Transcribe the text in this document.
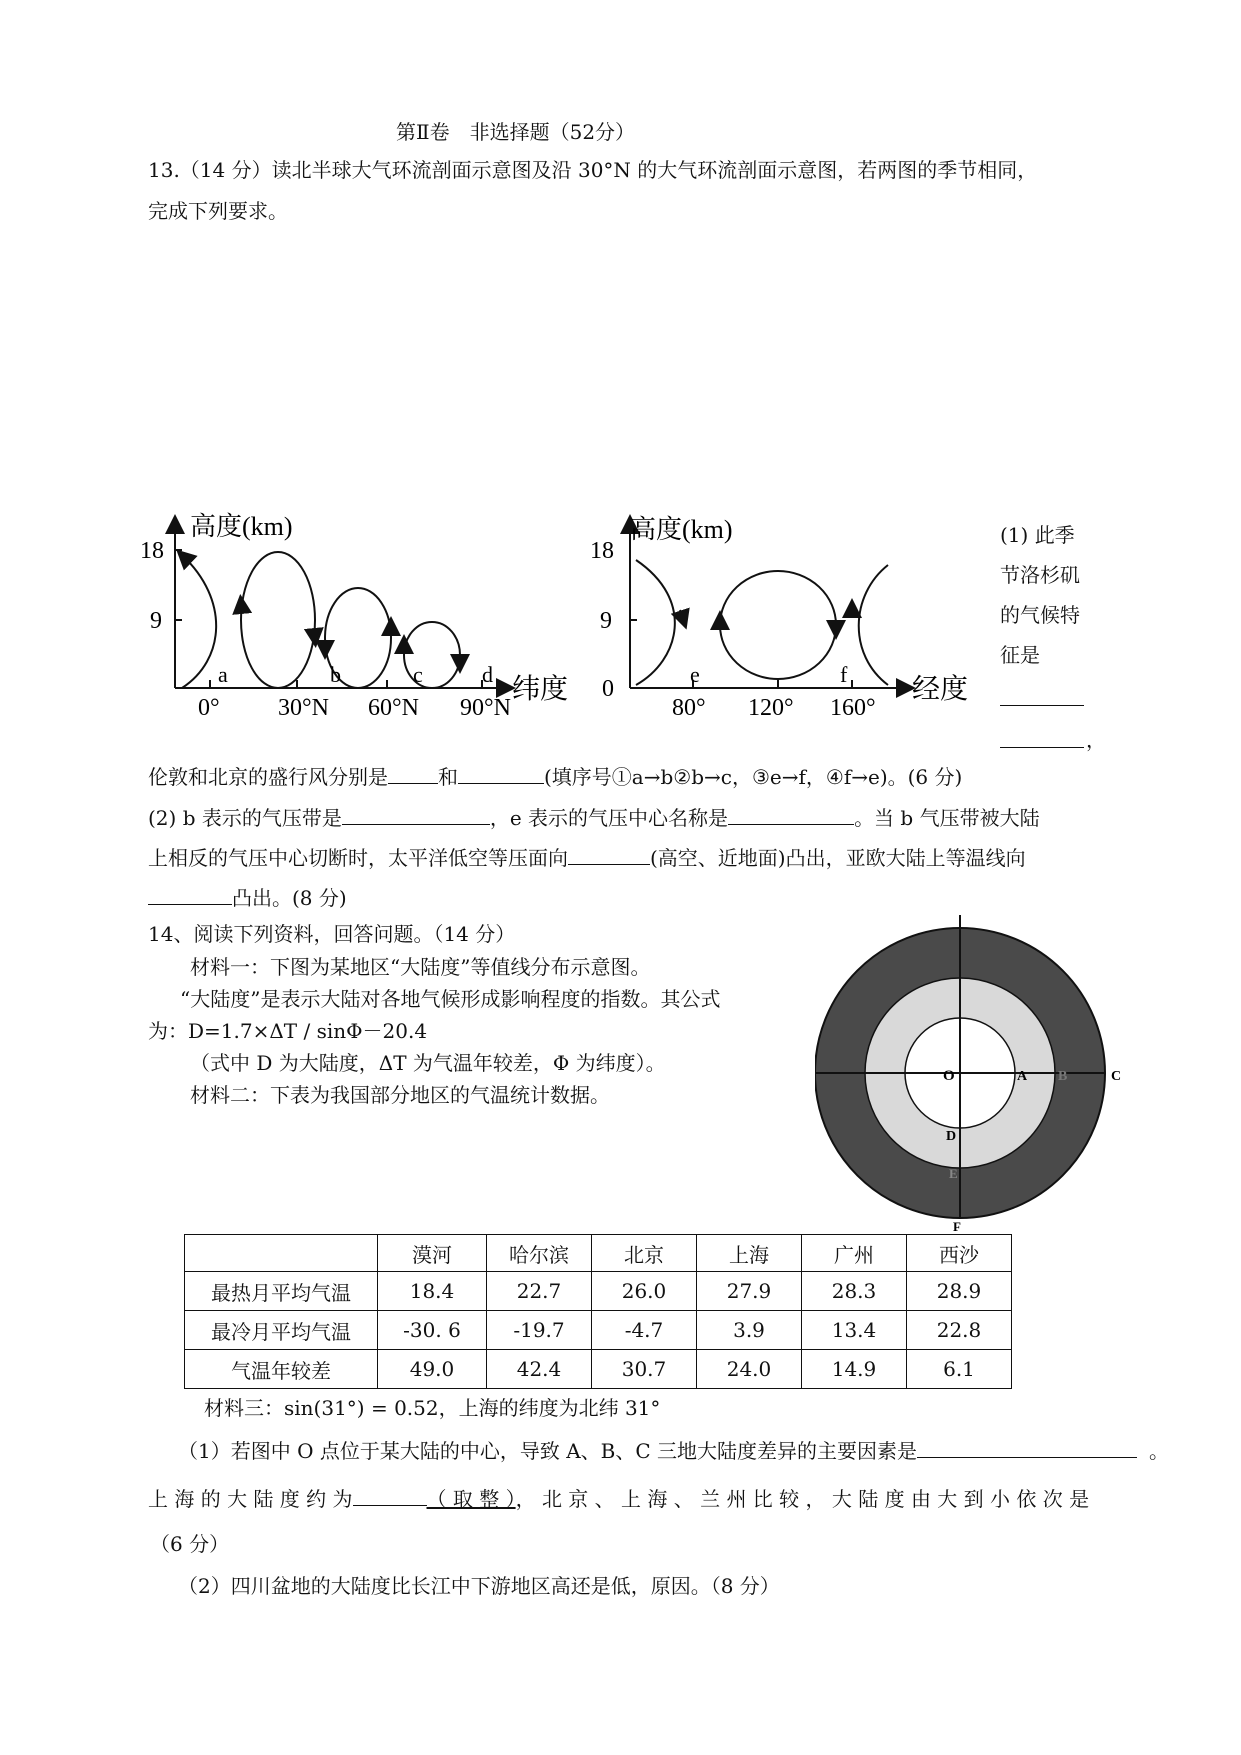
第Ⅱ卷　非选择题（52分）
13.（14 分）读北半球大气环流剖面示意图及沿 30°N 的大气环流剖面示意图，若两图的季节相同，
完成下列要求。
高度(km)
18
9
a	b	c	d
0° 30°N 60°N 90°N
纬度
高度(km)
18
9
0
e	f
80° 120° 160°
经度
(1) 此季
节洛杉矶
的气候特
征是
，
伦敦和北京的盛行风分别是	和	(填序号①a→b②b→c，③e→f，④f→e)。(6 分)
(2) b 表示的气压带是	，e 表示的气压中心名称是	。当 b 气压带被大陆
上相反的气压中心切断时，太平洋低空等压面向	(高空、近地面)凸出，亚欧大陆上等温线向
凸出。(8 分)
14、阅读下列资料，回答问题。（14 分）
材料一：下图为某地区“大陆度”等值线分布示意图。
“大陆度”是表示大陆对各地气候形成影响程度的指数。其公式
为：D=1.7×ΔT / sinΦ－20.4
（式中 D 为大陆度，ΔT 为气温年较差，Φ 为纬度）。
材料二：下表为我国部分地区的气温统计数据。
O	A B	C
D
E
F
	漠河	哈尔滨	北京	上海	广州	西沙
最热月平均气温	18.4	22.7	26.0	27.9	28.3	28.9
最冷月平均气温	-30. 6	-19.7	-4.7	3.9	13.4	22.8
气温年较差	49.0	42.4	30.7	24.0	14.9	6.1
材料三：sin(31°) = 0.52，上海的纬度为北纬 31°
（1）若图中 O 点位于某大陆的中心，导致 A、B、C 三地大陆度差异的主要因素是	。
上 海 的 大 陆 度 约 为	（ 取 整 ）， 北 京 、 上 海 、 兰 州 比 较 ， 大 陆 度 由 大 到 小 依 次 是
（6 分）
（2）四川盆地的大陆度比长江中下游地区高还是低，原因。（8 分）
